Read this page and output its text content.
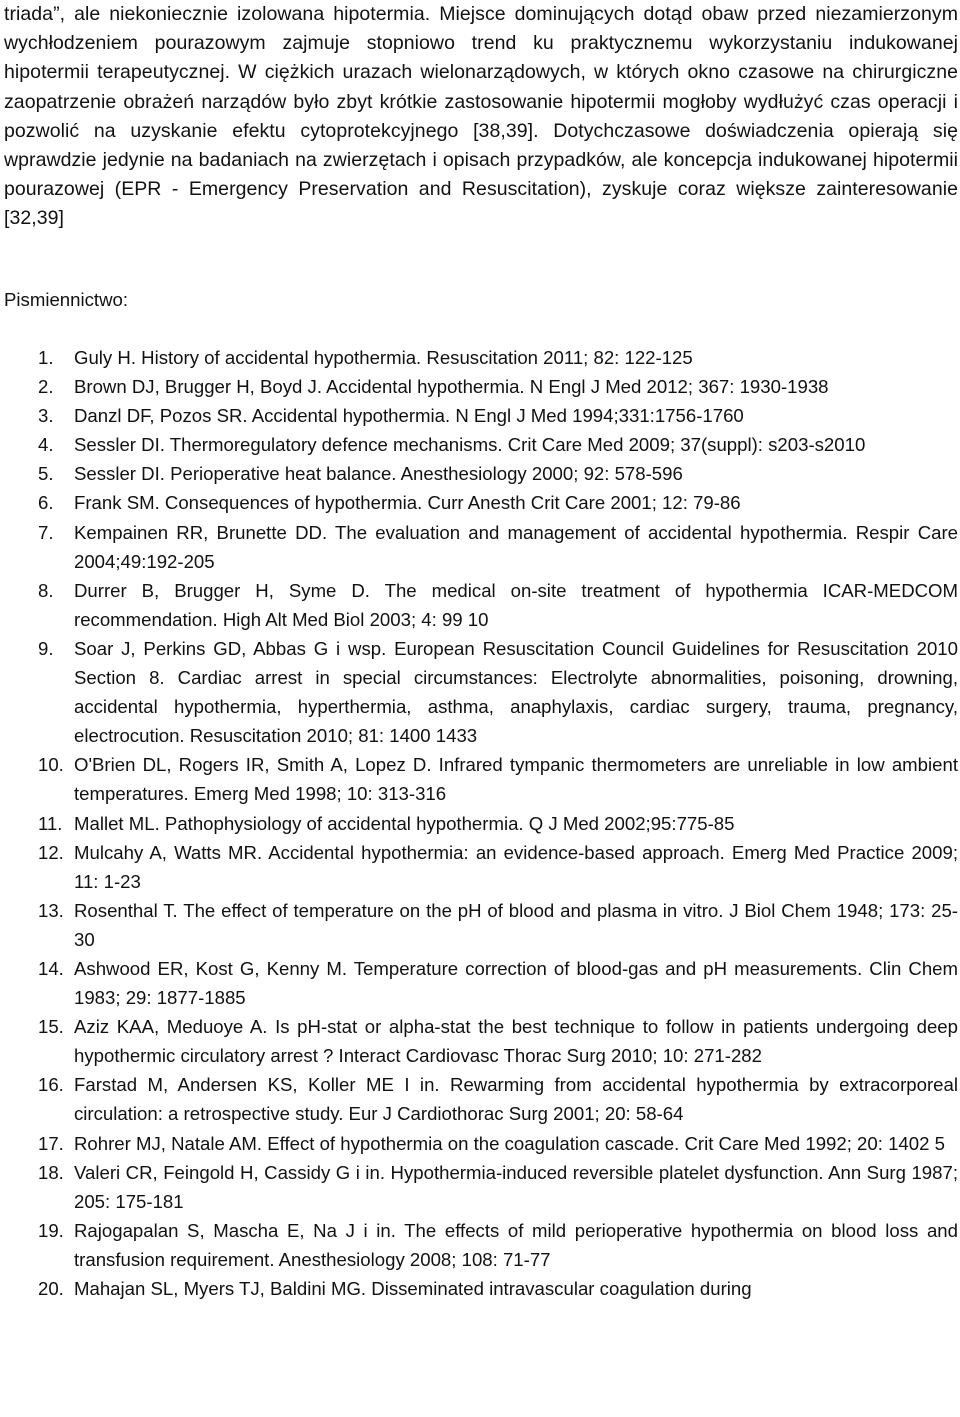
triada”, ale niekoniecznie izolowana hipotermia. Miejsce dominujących dotąd obaw przed niezamierzonym wychłodzeniem pourazowym zajmuje stopniowo trend ku praktycznemu wykorzystaniu indukowanej hipotermii terapeutycznej. W ciężkich urazach wielonarządowych, w których okno czasowe na chirurgiczne zaopatrzenie obrażeń narządów było zbyt krótkie zastosowanie hipotermii mogłoby wydłużyć czas operacji i pozwolić na uzyskanie efektu cytoprotekcyjnego [38,39]. Dotychczasowe doświadczenia opierają się wprawdzie jedynie na badaniach na zwierzętach i opisach przypadków, ale koncepcja indukowanej hipotermii pourazowej (EPR - Emergency Preservation and Resuscitation), zyskuje coraz większe zainteresowanie [32,39]

Pismiennictwo:
1. Guly H. History of accidental hypothermia. Resuscitation 2011; 82: 122-125
2. Brown DJ, Brugger H, Boyd J. Accidental hypothermia. N Engl J Med 2012; 367: 1930-1938
3. Danzl DF, Pozos SR. Accidental hypothermia. N Engl J Med 1994;331:1756-1760
4. Sessler DI. Thermoregulatory defence mechanisms. Crit Care Med 2009; 37(suppl): s203-s2010
5. Sessler DI. Perioperative heat balance. Anesthesiology 2000; 92: 578-596
6. Frank SM. Consequences of hypothermia. Curr Anesth Crit Care 2001; 12: 79-86
7. Kempainen RR, Brunette DD. The evaluation and management of accidental hypothermia. Respir Care 2004;49:192-205
8. Durrer B, Brugger H, Syme D. The medical on-site treatment of hypothermia ICAR-MEDCOM recommendation. High Alt Med Biol 2003; 4: 99 10
9. Soar J, Perkins GD, Abbas G i wsp. European Resuscitation Council Guidelines for Resuscitation 2010 Section 8. Cardiac arrest in special circumstances: Electrolyte abnormalities, poisoning, drowning, accidental hypothermia, hyperthermia, asthma, anaphylaxis, cardiac surgery, trauma, pregnancy, electrocution. Resuscitation 2010; 81: 1400 1433
10. O'Brien DL, Rogers IR, Smith A, Lopez D. Infrared tympanic thermometers are unreliable in low ambient temperatures. Emerg Med 1998; 10: 313-316
11. Mallet ML. Pathophysiology of accidental hypothermia. Q J Med 2002;95:775-85
12. Mulcahy A, Watts MR. Accidental hypothermia: an evidence-based approach. Emerg Med Practice 2009; 11: 1-23
13. Rosenthal T. The effect of temperature on the pH of blood and plasma in vitro. J Biol Chem 1948; 173: 25-30
14. Ashwood ER, Kost G, Kenny M. Temperature correction of blood-gas and pH measurements. Clin Chem 1983; 29: 1877-1885
15. Aziz KAA, Meduoye A. Is pH-stat or alpha-stat the best technique to follow in patients undergoing deep hypothermic circulatory arrest ? Interact Cardiovasc Thorac Surg 2010; 10: 271-282
16. Farstad M, Andersen KS, Koller ME I in. Rewarming from accidental hypothermia by extracorporeal circulation: a retrospective study. Eur J Cardiothorac Surg 2001; 20: 58-64
17. Rohrer MJ, Natale AM. Effect of hypothermia on the coagulation cascade. Crit Care Med 1992; 20: 1402 5
18. Valeri CR, Feingold H, Cassidy G i in. Hypothermia-induced reversible platelet dysfunction. Ann Surg 1987; 205: 175-181
19. Rajogapalan S, Mascha E, Na J i in. The effects of mild perioperative hypothermia on blood loss and transfusion requirement. Anesthesiology 2008; 108: 71-77
20. Mahajan SL, Myers TJ, Baldini MG. Disseminated intravascular coagulation during
